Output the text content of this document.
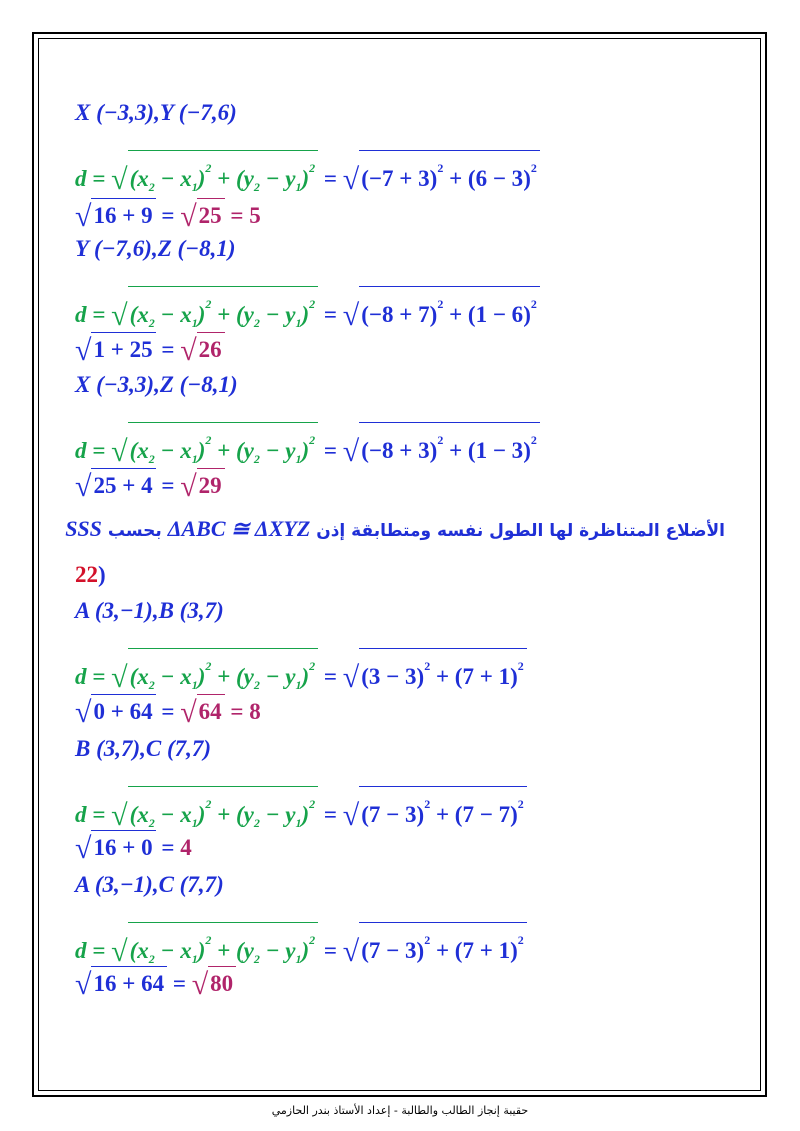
X (−3,3),Y (−7,6)
$d = √(x_2 - x_1)^2 + (y_2 - y_1)^2 = √(-7 + 3)^2 + (6 - 3)^2$
√16 + 9 = √25 = 5
Y (−7,6),Z (−8,1)
$d = √(x_2 - x_1)^2 + (y_2 - y_1)^2 = √(-8 + 7)^2 + (1 - 6)^2$
√1 + 25 = √26
X (−3,3),Z (−8,1)
$d = √(x_2 - x_1)^2 + (y_2 - y_1)^2 = √(-8 + 3)^2 + (1 - 3)^2$
√25 + 4 = √29
الأضلاع المتناظرة لها الطول نفسه ومتطابقة إذن ΔABC ≅ ΔXYZ بحسب SSS
22)
A (3,−1),B (3,7)
$d = √(x_2 - x_1)^2 + (y_2 - y_1)^2 = √(3 - 3)^2 + (7 + 1)^2$
√0 + 64 = √64 = 8
B (3,7),C (7,7)
$d = √(x_2 - x_1)^2 + (y_2 - y_1)^2 = √(7 - 3)^2 + (7 - 7)^2$
√16 + 0 = 4
A (3,−1),C (7,7)
$d = √(x_2 - x_1)^2 + (y_2 - y_1)^2 = √(7 - 3)^2 + (7 + 1)^2$
√16 + 64 = √80
حقيبة إنجاز الطالب والطالبة - إعداد الأستاذ بندر الحازمي
